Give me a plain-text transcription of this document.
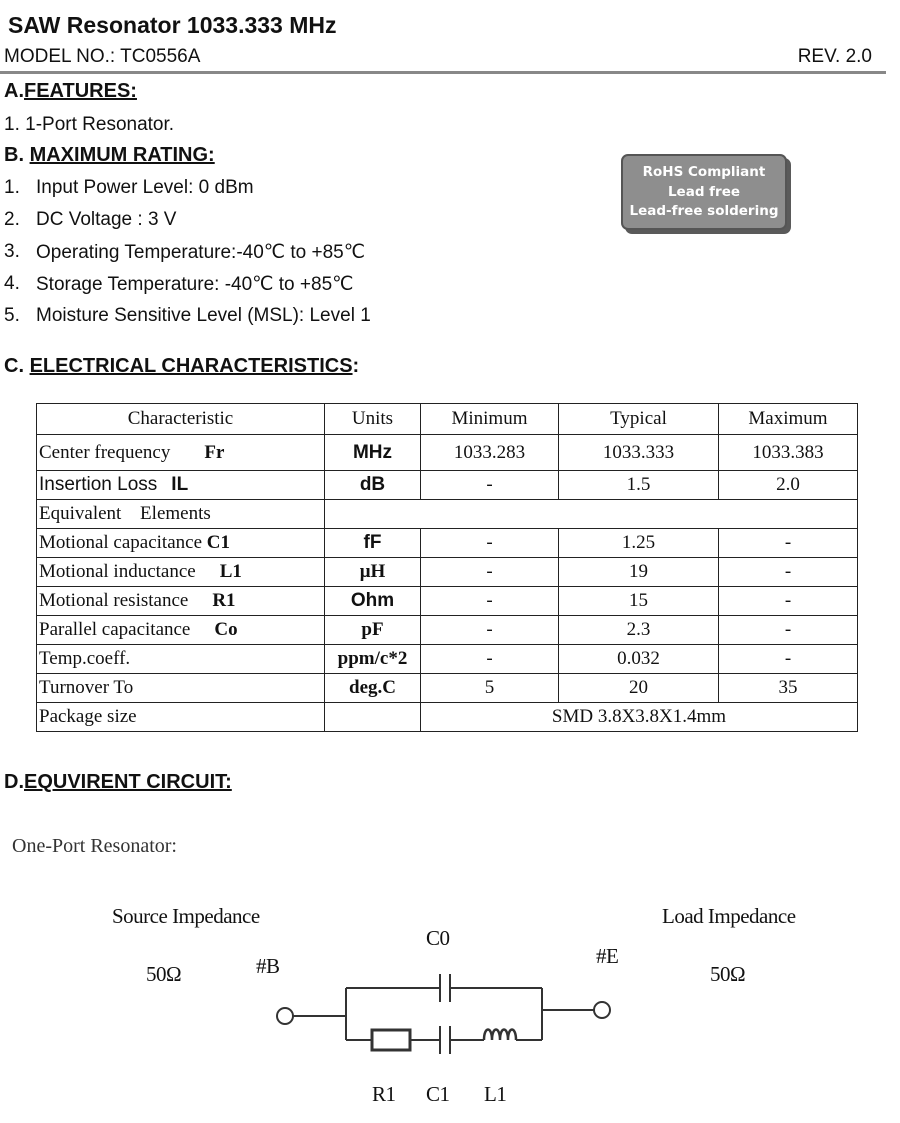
SAW Resonator 1033.333 MHz
MODEL NO.: TC0556A	REV. 2.0
A.FEATURES:
1. 1-Port Resonator.
B. MAXIMUM RATING:
1. Input Power Level: 0 dBm
2. DC Voltage : 3 V
3. Operating Temperature:-40℃ to +85℃
4. Storage Temperature: -40℃ to +85℃
5. Moisture Sensitive Level (MSL): Level 1
RoHS Compliant
Lead free
Lead-free soldering
C. ELECTRICAL CHARACTERISTICS:
Characteristic	Units	Minimum	Typical	Maximum
Center frequency Fr	MHz	1033.283	1033.333	1033.383
Insertion Loss IL	dB	-	1.5	2.0
Equivalent Elements				
Motional capacitance C1	fF	-	1.25	-
Motional inductance L1	μH	-	19	-
Motional resistance R1	Ohm	-	15	-
Parallel capacitance Co	pF	-	2.3	-
Temp.coeff.	ppm/c*2	-	0.032	-
Turnover To	deg.C	5	20	35
Package size		SMD 3.8X3.8X1.4mm		
D.EQUVIRENT CIRCUIT:
One-Port Resonator:
Source Impedance
50Ω
Load Impedance
50Ω
#B	#E
C0
R1 C1 L1
